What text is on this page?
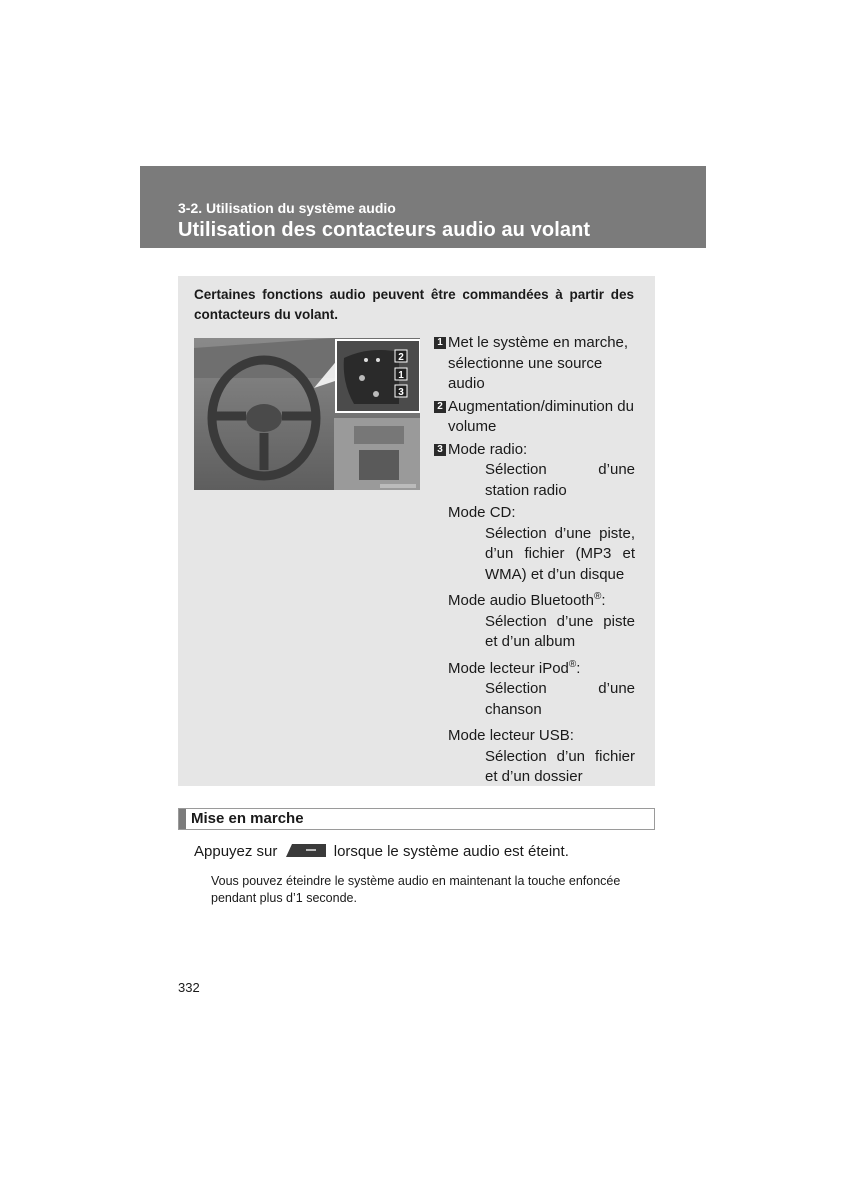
3-2. Utilisation du système audio
Utilisation des contacteurs audio au volant
Certaines fonctions audio peuvent être commandées à partir des contacteurs du volant.
2
1
3
1 Met le système en marche, sélectionne une source audio
2 Augmentation/diminution du volume
3 Mode radio:
Sélection d’une station radio
Mode CD:
Sélection d’une piste, d’un fichier (MP3 et WMA) et d’un disque
Mode audio Bluetooth®:
Sélection d’une piste et d’un album
Mode lecteur iPod®:
Sélection d’une chanson
Mode lecteur USB:
Sélection d’un fichier et d’un dossier
Mise en marche
Appuyez sur	lorsque le système audio est éteint.
Vous pouvez éteindre le système audio en maintenant la touche enfoncée pendant plus d’1 seconde.
332
